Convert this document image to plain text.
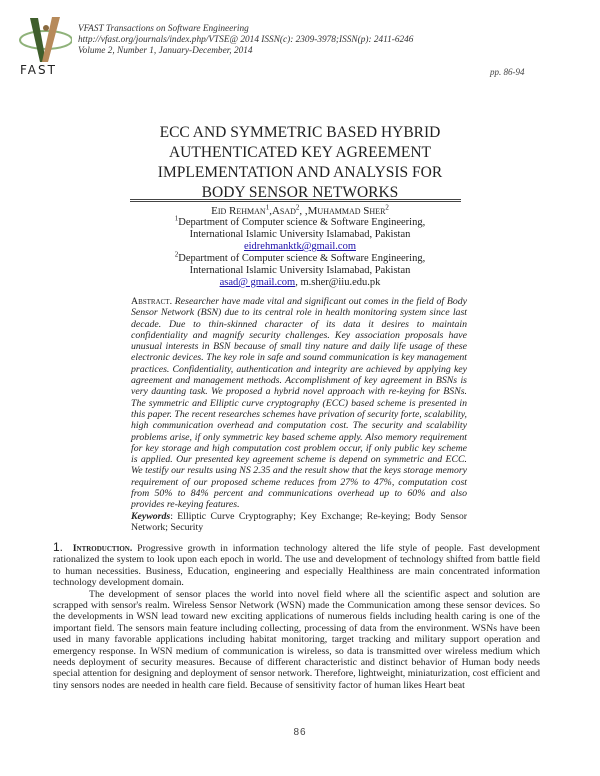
FAST
VFAST Transactions on Software Engineering
http://vfast.org/journals/index.php/VTSE@ 2014 ISSN(c): 2309-3978;ISSN(p): 2411-6246
Volume 2, Number 1, January-December, 2014
pp. 86-94
ECC AND SYMMETRIC BASED HYBRID
AUTHENTICATED KEY AGREEMENT
IMPLEMENTATION AND ANALYSIS FOR
BODY SENSOR NETWORKS
Eid Rehman$^1$,Asad$^2$, ,Muhammad Sher$^2$
$^1$Department of Computer science & Software Engineering,
International Islamic University Islamabad, Pakistan
eidrehmanktk@gmail.com
$^2$Department of Computer science & Software Engineering,
International Islamic University Islamabad, Pakistan
asad@ gmail.com, m.sher@iiu.edu.pk
Abstract. Researcher have made vital and significant out comes in the field of Body Sensor Network (BSN) due to its central role in health monitoring system since last decade. Due to thin-skinned character of its data it desires to maintain confidentiality and magnify security challenges. Key association proposals have unusual interests in BSN because of small tiny nature and daily life usage of these electronic devices. The key role in safe and sound communication is key management practices. Confidentiality, authentication and integrity are achieved by applying key agreement and management methods. Accomplishment of key agreement in BSNs is very daunting task. We proposed a hybrid novel approach with re-keying for BSNs. The symmetric and Elliptic curve cryptography (ECC) based scheme is presented in this paper. The recent researches schemes have privation of security forte, scalability, high communication overhead and computation cost. The security and scalability problems arise, if only symmetric key based scheme apply. Also memory requirement for key storage and high computation cost problem occur, if only public key scheme is applied. Our presented key agreement scheme is depend on symmetric and ECC. We testify our results using NS 2.35 and the result show that the keys storage memory requirement of our proposed scheme reduces from 27% to 47%, computation cost from 50% to 84% percent and communications overhead up to 60% and also provides re-keying features.
Keywords: Elliptic Curve Cryptography; Key Exchange; Re-keying; Body Sensor Network; Security

1. Introduction. Progressive growth in information technology altered the life style of people. Fast development rationalized the system to look upon each epoch in world. The use and development of technology shifted from battle field to human necessities. Business, Education, engineering and especially Healthiness are main concentrated information technology development domain.

The development of sensor places the world into novel field where all the scientific aspect and solution are scrapped with sensor's realm. Wireless Sensor Network (WSN) made the Communication among these sensor devices. So the developments in WSN lead toward new exciting applications of numerous fields including health caring is one of the important field. The sensors main feature including collecting, processing of data from the environment. WSNs have been used in many favorable applications including habitat monitoring, target tracking and military support operation and emergency response. In WSN medium of communication is wireless, so data is transmitted over wireless medium which needs deployment of security measures. Because of different characteristic and distinct behavior of Human body needs special attention for designing and deployment of sensor network. Therefore, lightweight, miniaturization, cost efficient and tiny sensors nodes are needed in health care field. Because of sensitivity factor of human likes Heart beat

86
